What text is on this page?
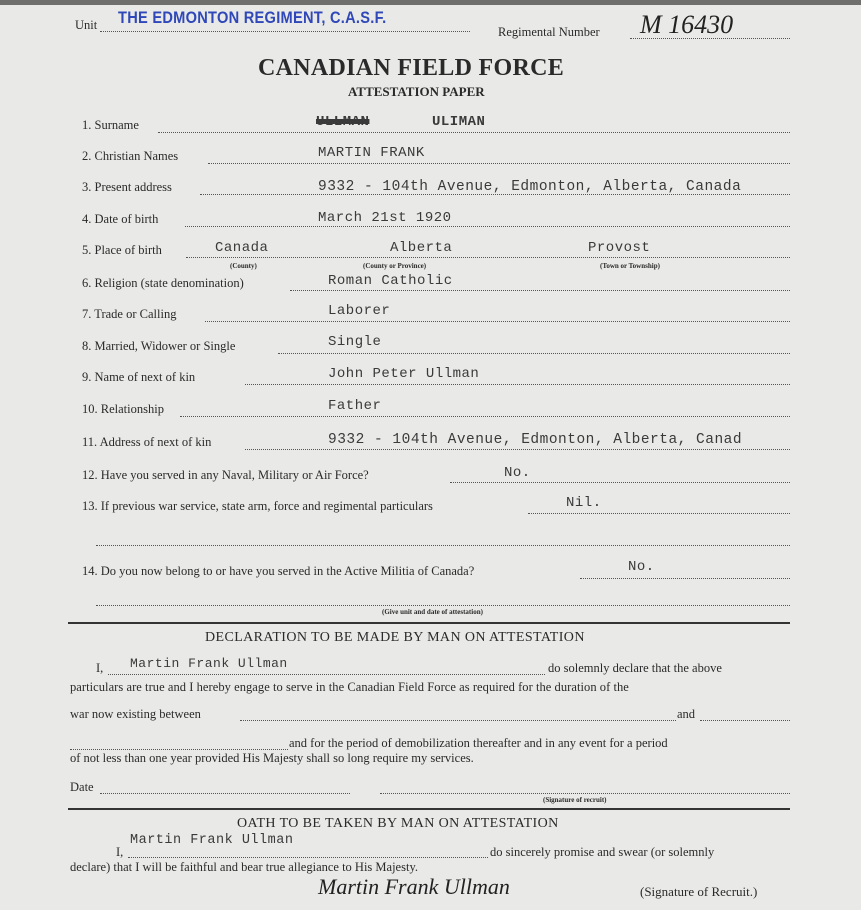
Unit THE EDMONTON REGIMENT, C.A.S.F.
Regimental Number M 16430
CANADIAN FIELD FORCE
ATTESTATION PAPER
1. Surname	ULLMAN	ULIMAN
2. Christian Names	MARTIN FRANK
3. Present address	9332 - 104th Avenue, Edmonton, Alberta, Canada
4. Date of birth	March 21st 1920
5. Place of birth	Canada	Alberta	Provost
(County)	(County or Province)	(Town or Township)
6. Religion (state denomination)	Roman Catholic
7. Trade or Calling	Laborer
8. Married, Widower or Single	Single
9. Name of next of kin	John Peter Ullman
10. Relationship	Father
11. Address of next of kin	9332 - 104th Avenue, Edmonton, Alberta, Canad
12. Have you served in any Naval, Military or Air Force?	No.
13. If previous war service, state arm, force and regimental particulars	Nil.
14. Do you now belong to or have you served in the Active Militia of Canada?	No.
(Give unit and date of attestation)
DECLARATION TO BE MADE BY MAN ON ATTESTATION
I, Martin Frank Ullman	do solemnly declare that the above
particulars are true and I hereby engage to serve in the Canadian Field Force as required for the duration of the
war now existing between	and
and for the period of demobilization thereafter and in any event for a period
of not less than one year provided His Majesty shall so long require my services.
Date
(Signature of recruit)
OATH TO BE TAKEN BY MAN ON ATTESTATION
I,
Martin Frank Ullman
do sincerely promise and swear (or solemnly
declare) that I will be faithful and bear true allegiance to His Majesty.
Martin Frank Ullman	(Signature of Recruit.)
